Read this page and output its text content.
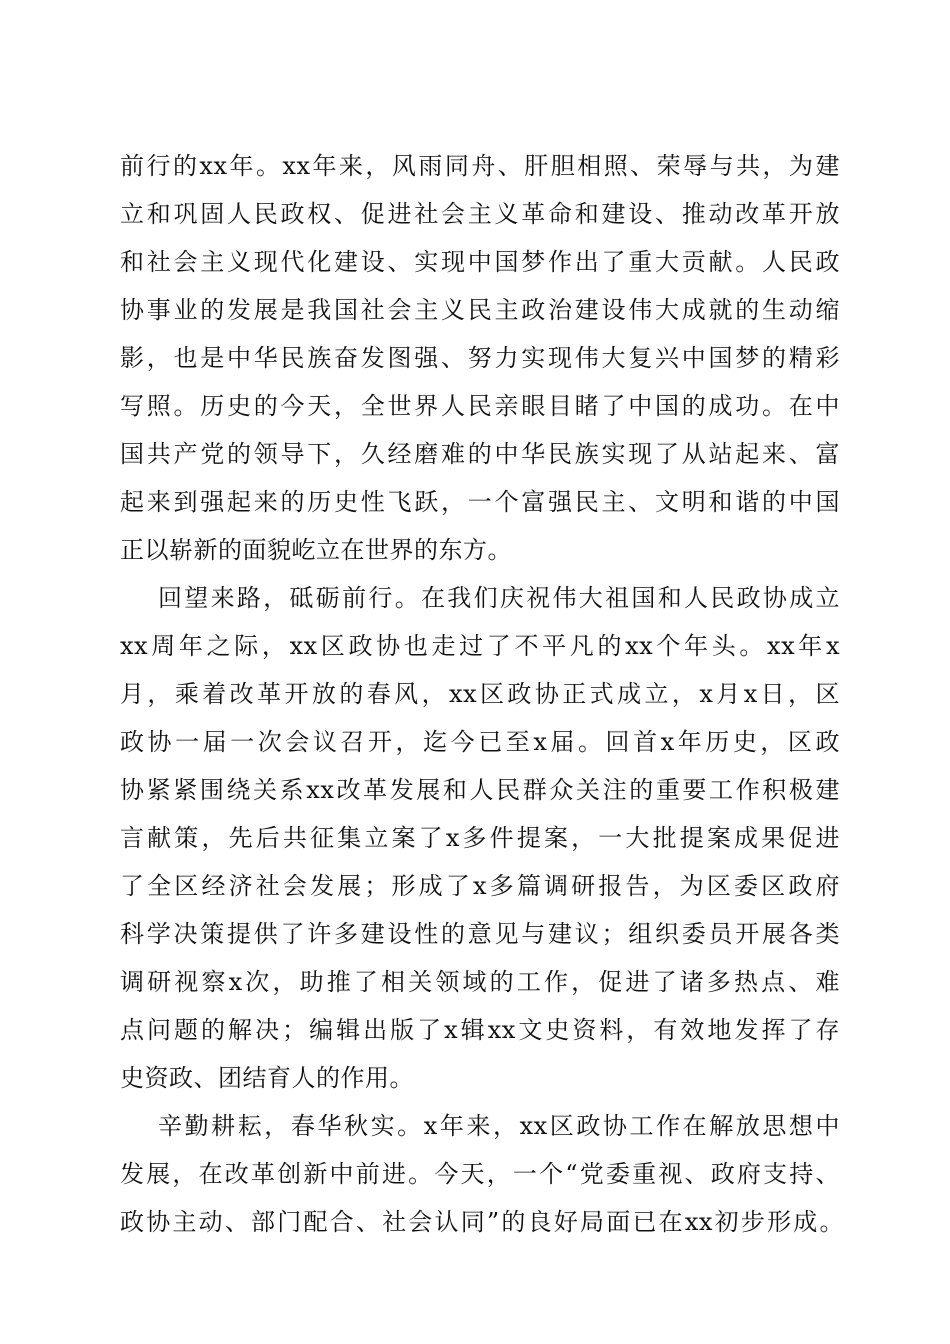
前行的xx年。xx年来，风雨同舟、肝胆相照、荣辱与共，为建
立和巩固人民政权、促进社会主义革命和建设、推动改革开放
和社会主义现代化建设、实现中国梦作出了重大贡献。人民政
协事业的发展是我国社会主义民主政治建设伟大成就的生动缩
影，也是中华民族奋发图强、努力实现伟大复兴中国梦的精彩
写照。历史的今天，全世界人民亲眼目睹了中国的成功。在中
国共产党的领导下，久经磨难的中华民族实现了从站起来、富
起来到强起来的历史性飞跃，一个富强民主、文明和谐的中国
正以崭新的面貌屹立在世界的东方。
回望来路，砥砺前行。在我们庆祝伟大祖国和人民政协成立
xx周年之际，xx区政协也走过了不平凡的xx个年头。xx年x
月，乘着改革开放的春风，xx区政协正式成立，x月x日，区
政协一届一次会议召开，迄今已至x届。回首x年历史，区政
协紧紧围绕关系xx改革发展和人民群众关注的重要工作积极建
言献策，先后共征集立案了x多件提案，一大批提案成果促进
了全区经济社会发展；形成了x多篇调研报告，为区委区政府
科学决策提供了许多建设性的意见与建议；组织委员开展各类
调研视察x次，助推了相关领域的工作，促进了诸多热点、难
点问题的解决；编辑出版了x辑xx文史资料，有效地发挥了存
史资政、团结育人的作用。
辛勤耕耘，春华秋实。x年来，xx区政协工作在解放思想中
发展，在改革创新中前进。今天，一个“党委重视、政府支持、
政协主动、部门配合、社会认同”的良好局面已在xx初步形成。
